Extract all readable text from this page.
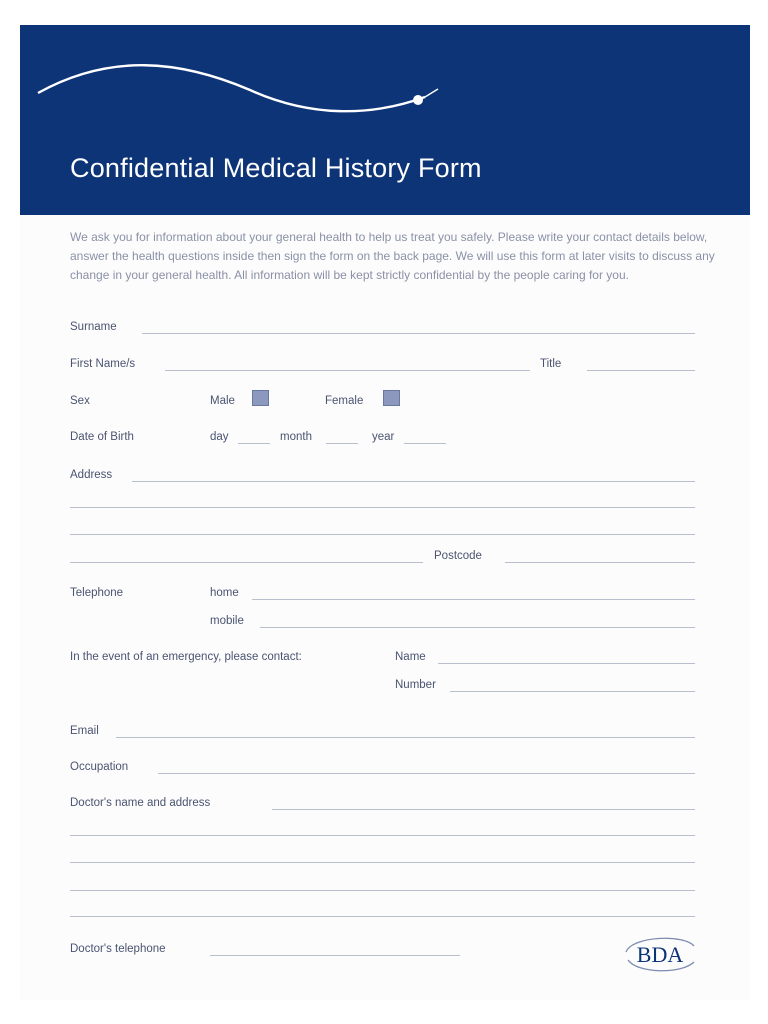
Confidential Medical History Form

We ask you for information about your general health to help us treat you safely. Please write your contact details below, answer the health questions inside then sign the form on the back page. We will use this form at later visits to discuss any change in your general health. All information will be kept strictly confidential by the people caring for you.

Surname
First Name/s	Title
Sex	Male	Female
Date of Birth	day	month	year
Address
Postcode
Telephone	home
mobile
In the event of an emergency, please contact:	Name
Number
Email
Occupation
Doctor's name and address
Doctor's telephone	BDA
